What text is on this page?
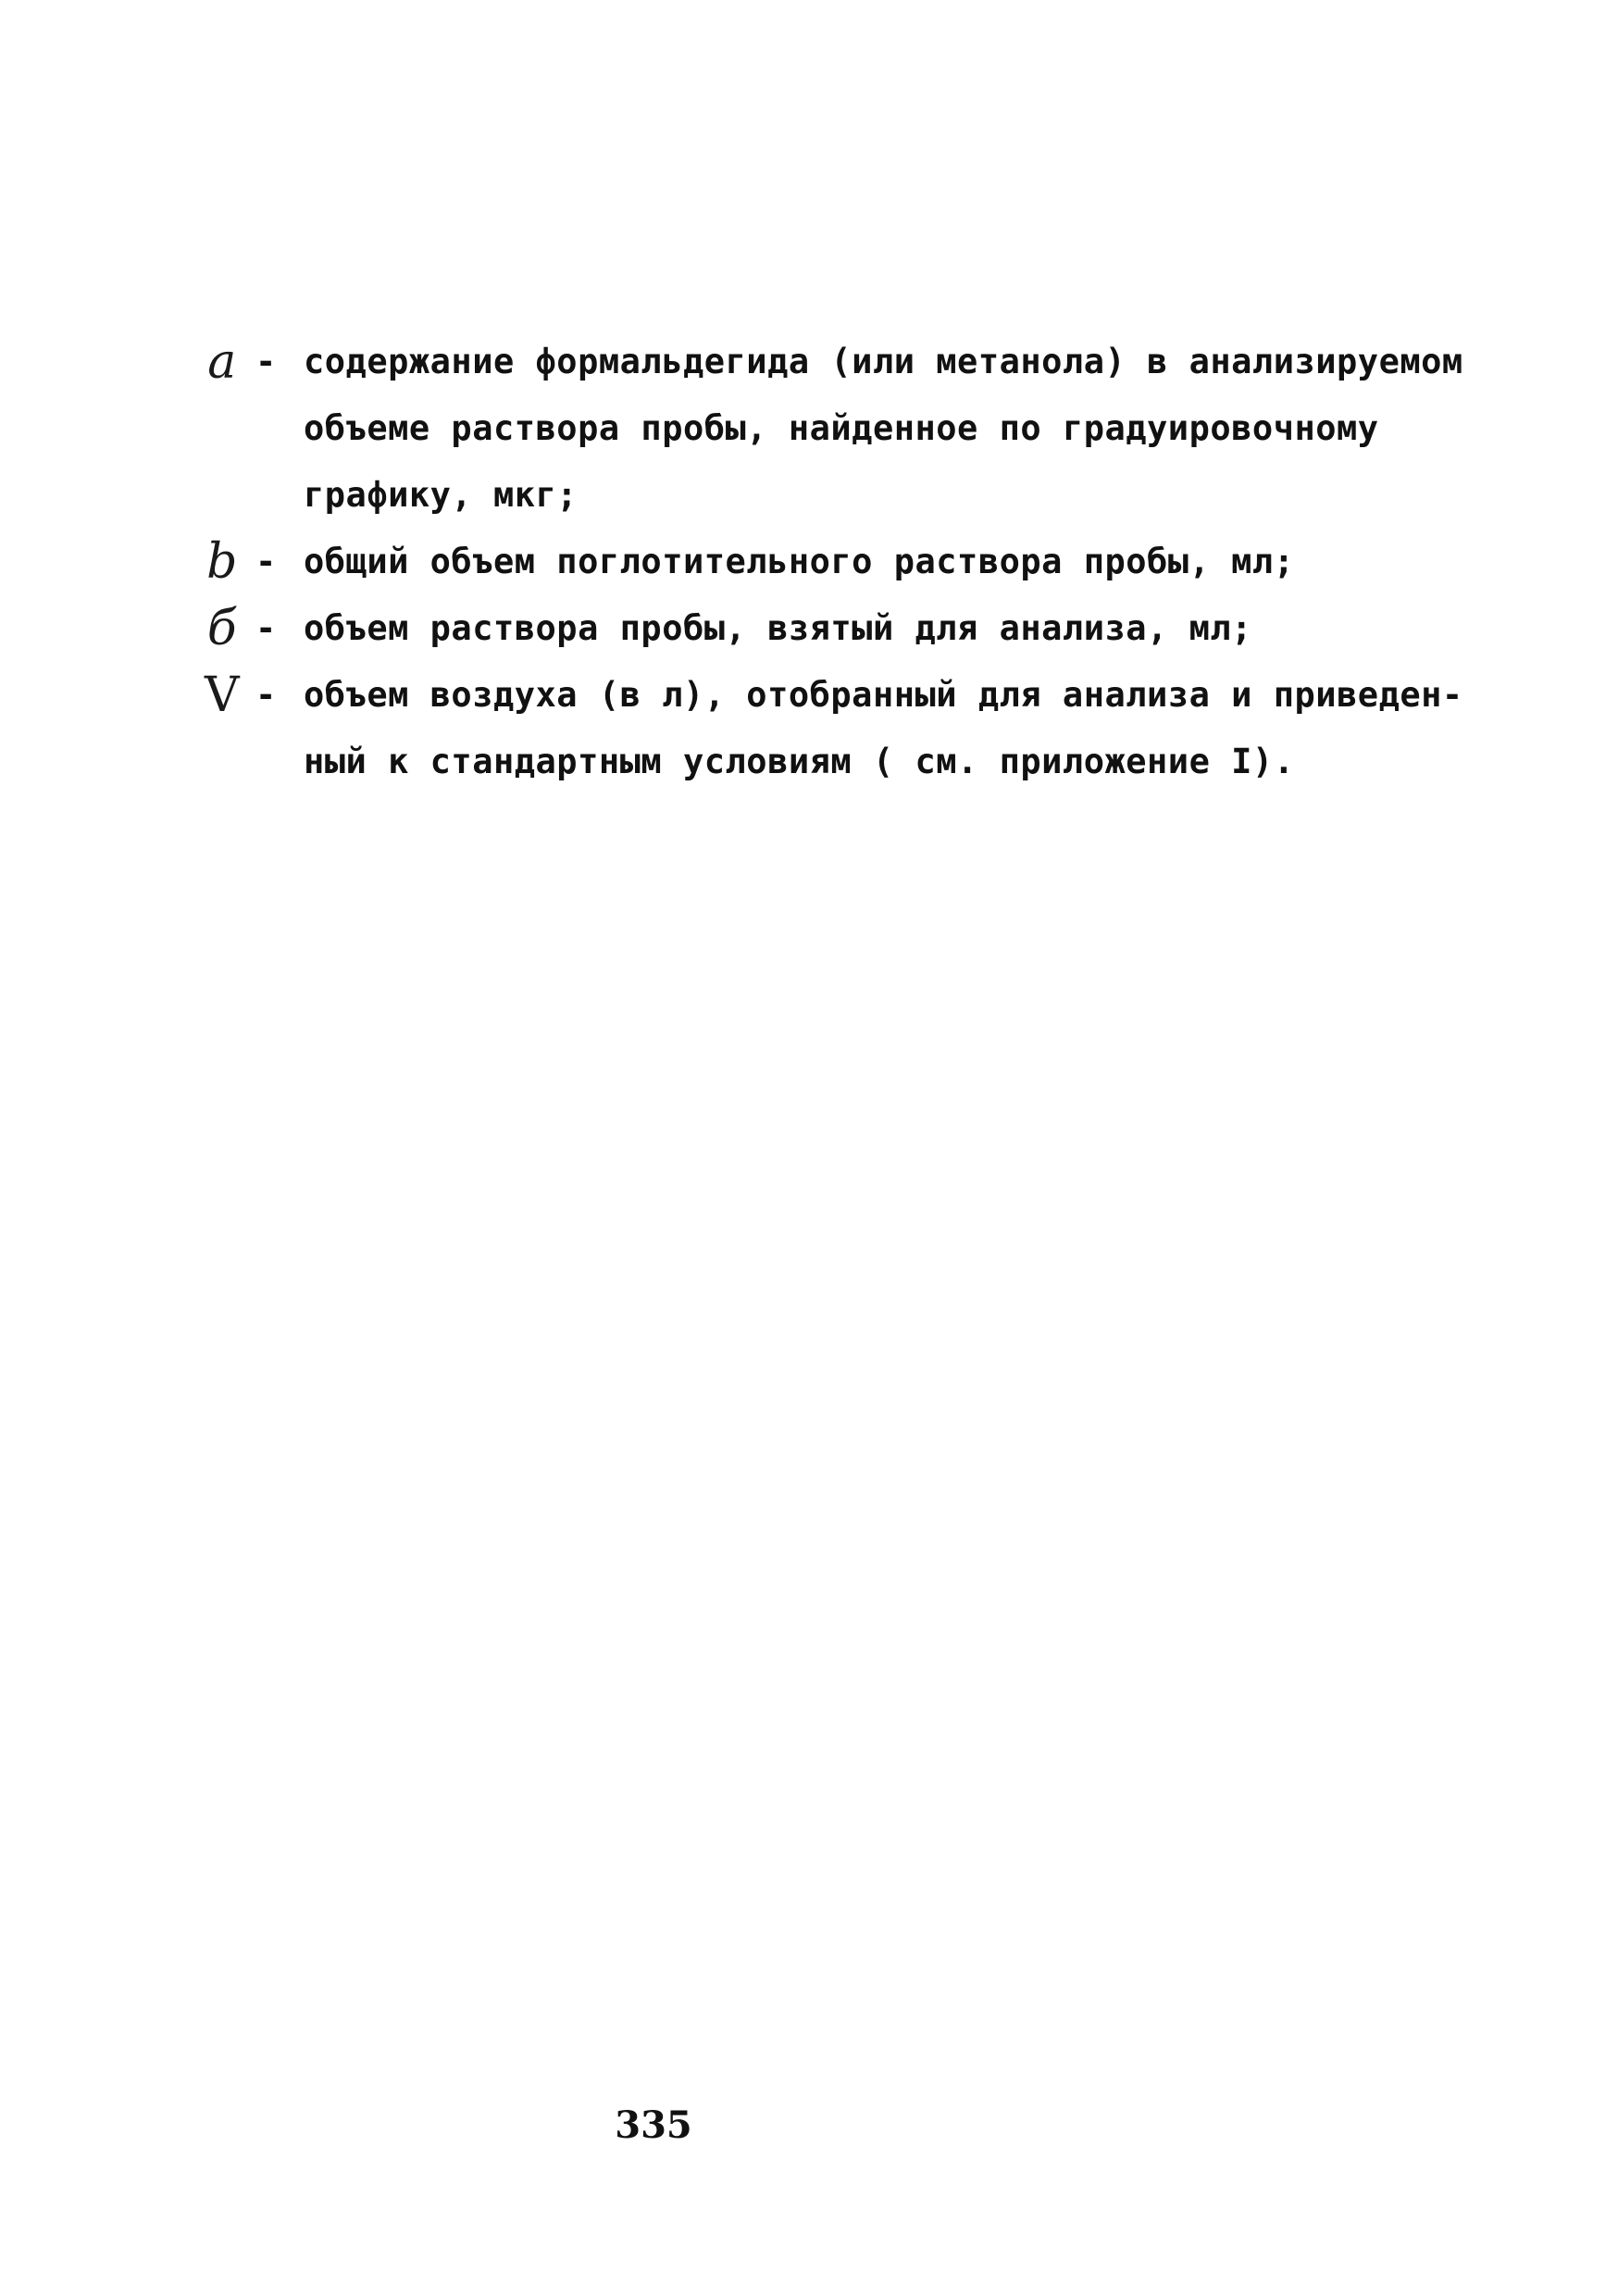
a - содержание формальдегида (или метанола) в анализируемом
объеме раствора пробы, найденное по градуировочному
графику, мкг;
b - общий объем поглотительного раствора пробы, мл;
б - объем раствора пробы, взятый для анализа, мл;
V - объем воздуха (в л), отобранный для анализа и приведен-
ный к стандартным условиям ( см. приложение I).
335
